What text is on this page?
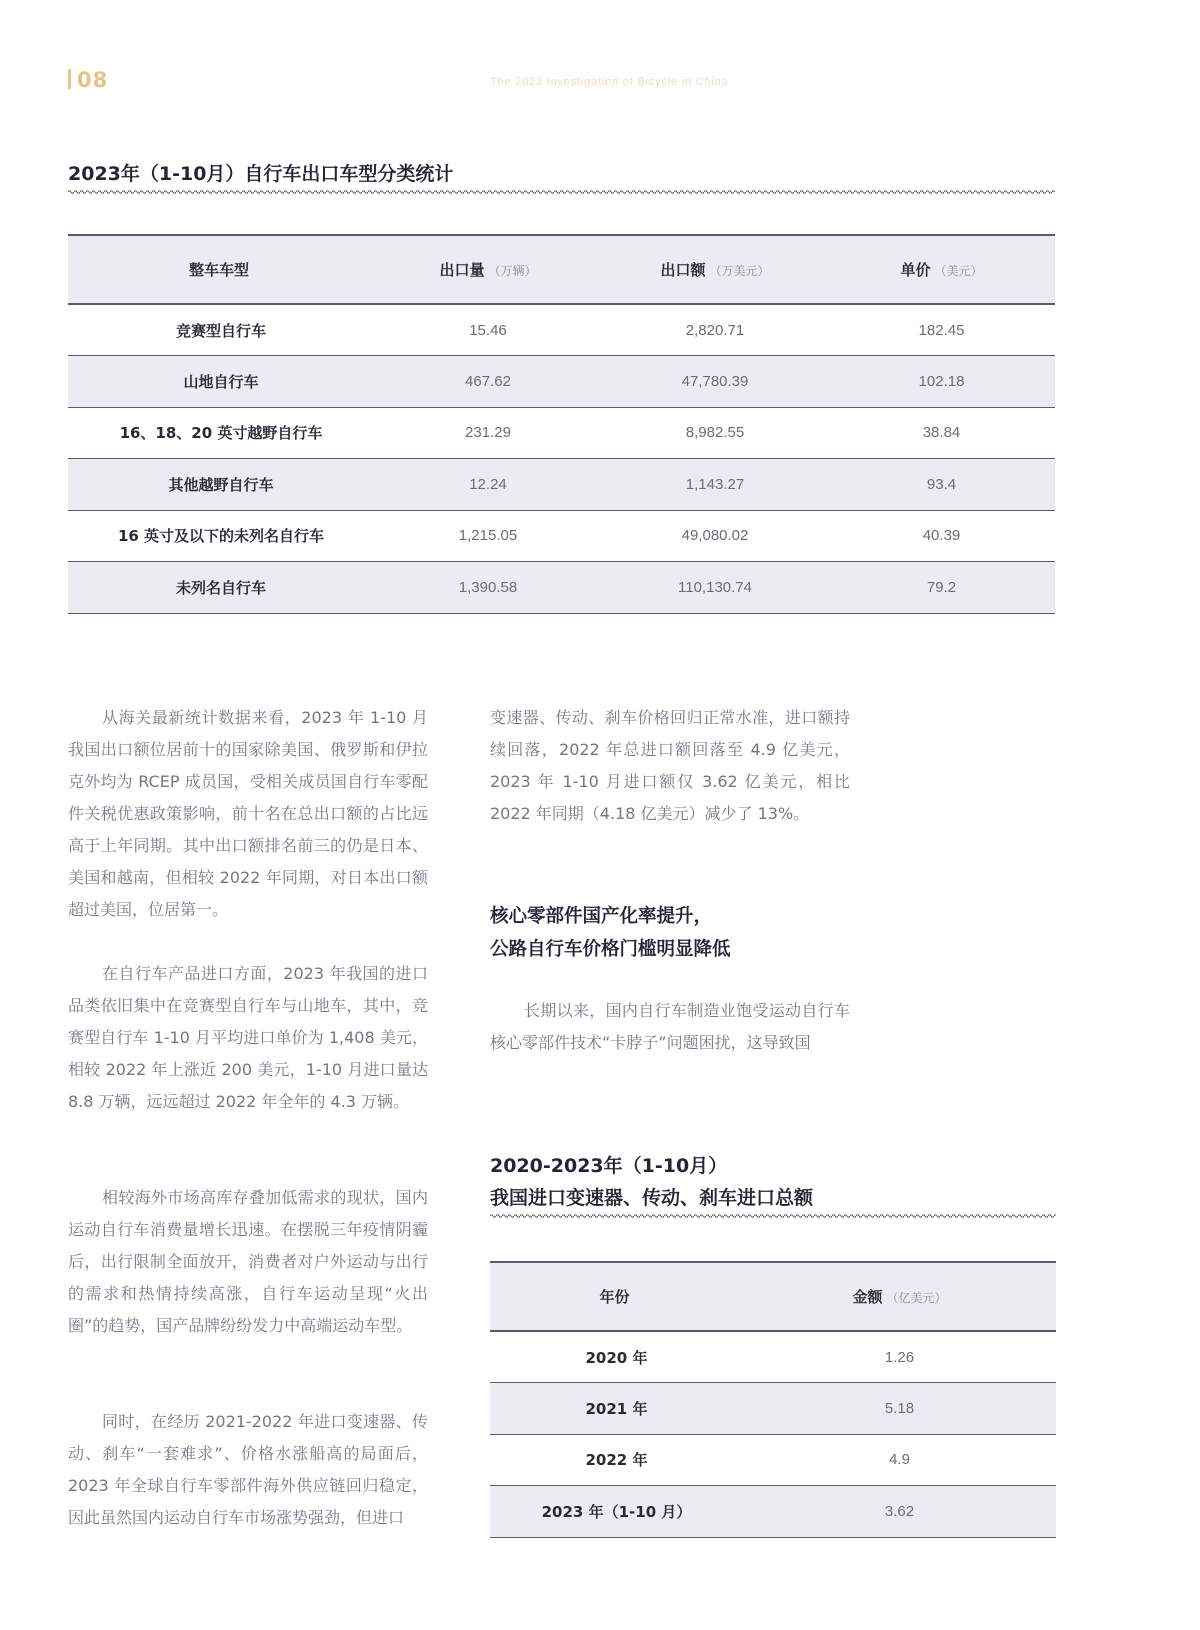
08	The 2023 Investigation of Bicycle in China
2023年（1-10月）自行车出口车型分类统计
整车车型	出口量 （万辆）	出口额 （万美元）	单价 （美元）
竞赛型自行车	15.46	2,820.71	182.45
山地自行车	467.62	47,780.39	102.18
16、18、20 英寸越野自行车	231.29	8,982.55	38.84
其他越野自行车	12.24	1,143.27	93.4
16 英寸及以下的未列名自行车	1,215.05	49,080.02	40.39
未列名自行车	1,390.58	110,130.74	79.2

从海关最新统计数据来看，2023 年 1-10 月我国出口额位居前十的国家除美国、俄罗斯和伊拉克外均为 RCEP 成员国，受相关成员国自行车零配件关税优惠政策影响，前十名在总出口额的占比远高于上年同期。其中出口额排名前三的仍是日本、美国和越南，但相较 2022 年同期，对日本出口额超过美国，位居第一。

在自行车产品进口方面，2023 年我国的进口品类依旧集中在竞赛型自行车与山地车，其中，竞赛型自行车 1-10 月平均进口单价为 1,408 美元，相较 2022 年上涨近 200 美元，1-10 月进口量达 8.8 万辆，远远超过 2022 年全年的 4.3 万辆。

相较海外市场高库存叠加低需求的现状，国内运动自行车消费量增长迅速。在摆脱三年疫情阴霾后，出行限制全面放开，消费者对户外运动与出行的需求和热情持续高涨，自行车运动呈现“火出圈”的趋势，国产品牌纷纷发力中高端运动车型。

同时，在经历 2021-2022 年进口变速器、传动、刹车“一套难求”、价格水涨船高的局面后，2023 年全球自行车零部件海外供应链回归稳定，因此虽然国内运动自行车市场涨势强劲，但进口

变速器、传动、刹车价格回归正常水准，进口额持续回落，2022 年总进口额回落至 4.9 亿美元，2023 年 1-10 月进口额仅 3.62 亿美元，相比 2022 年同期（4.18 亿美元）减少了 13%。

核心零部件国产化率提升，
公路自行车价格门槛明显降低

长期以来，国内自行车制造业饱受运动自行车核心零部件技术“卡脖子”问题困扰，这导致国

2020-2023年（1-10月）
我国进口变速器、传动、刹车进口总额
年份	金额 （亿美元）
2020 年	1.26
2021 年	5.18
2022 年	4.9
2023 年（1-10 月）	3.62
